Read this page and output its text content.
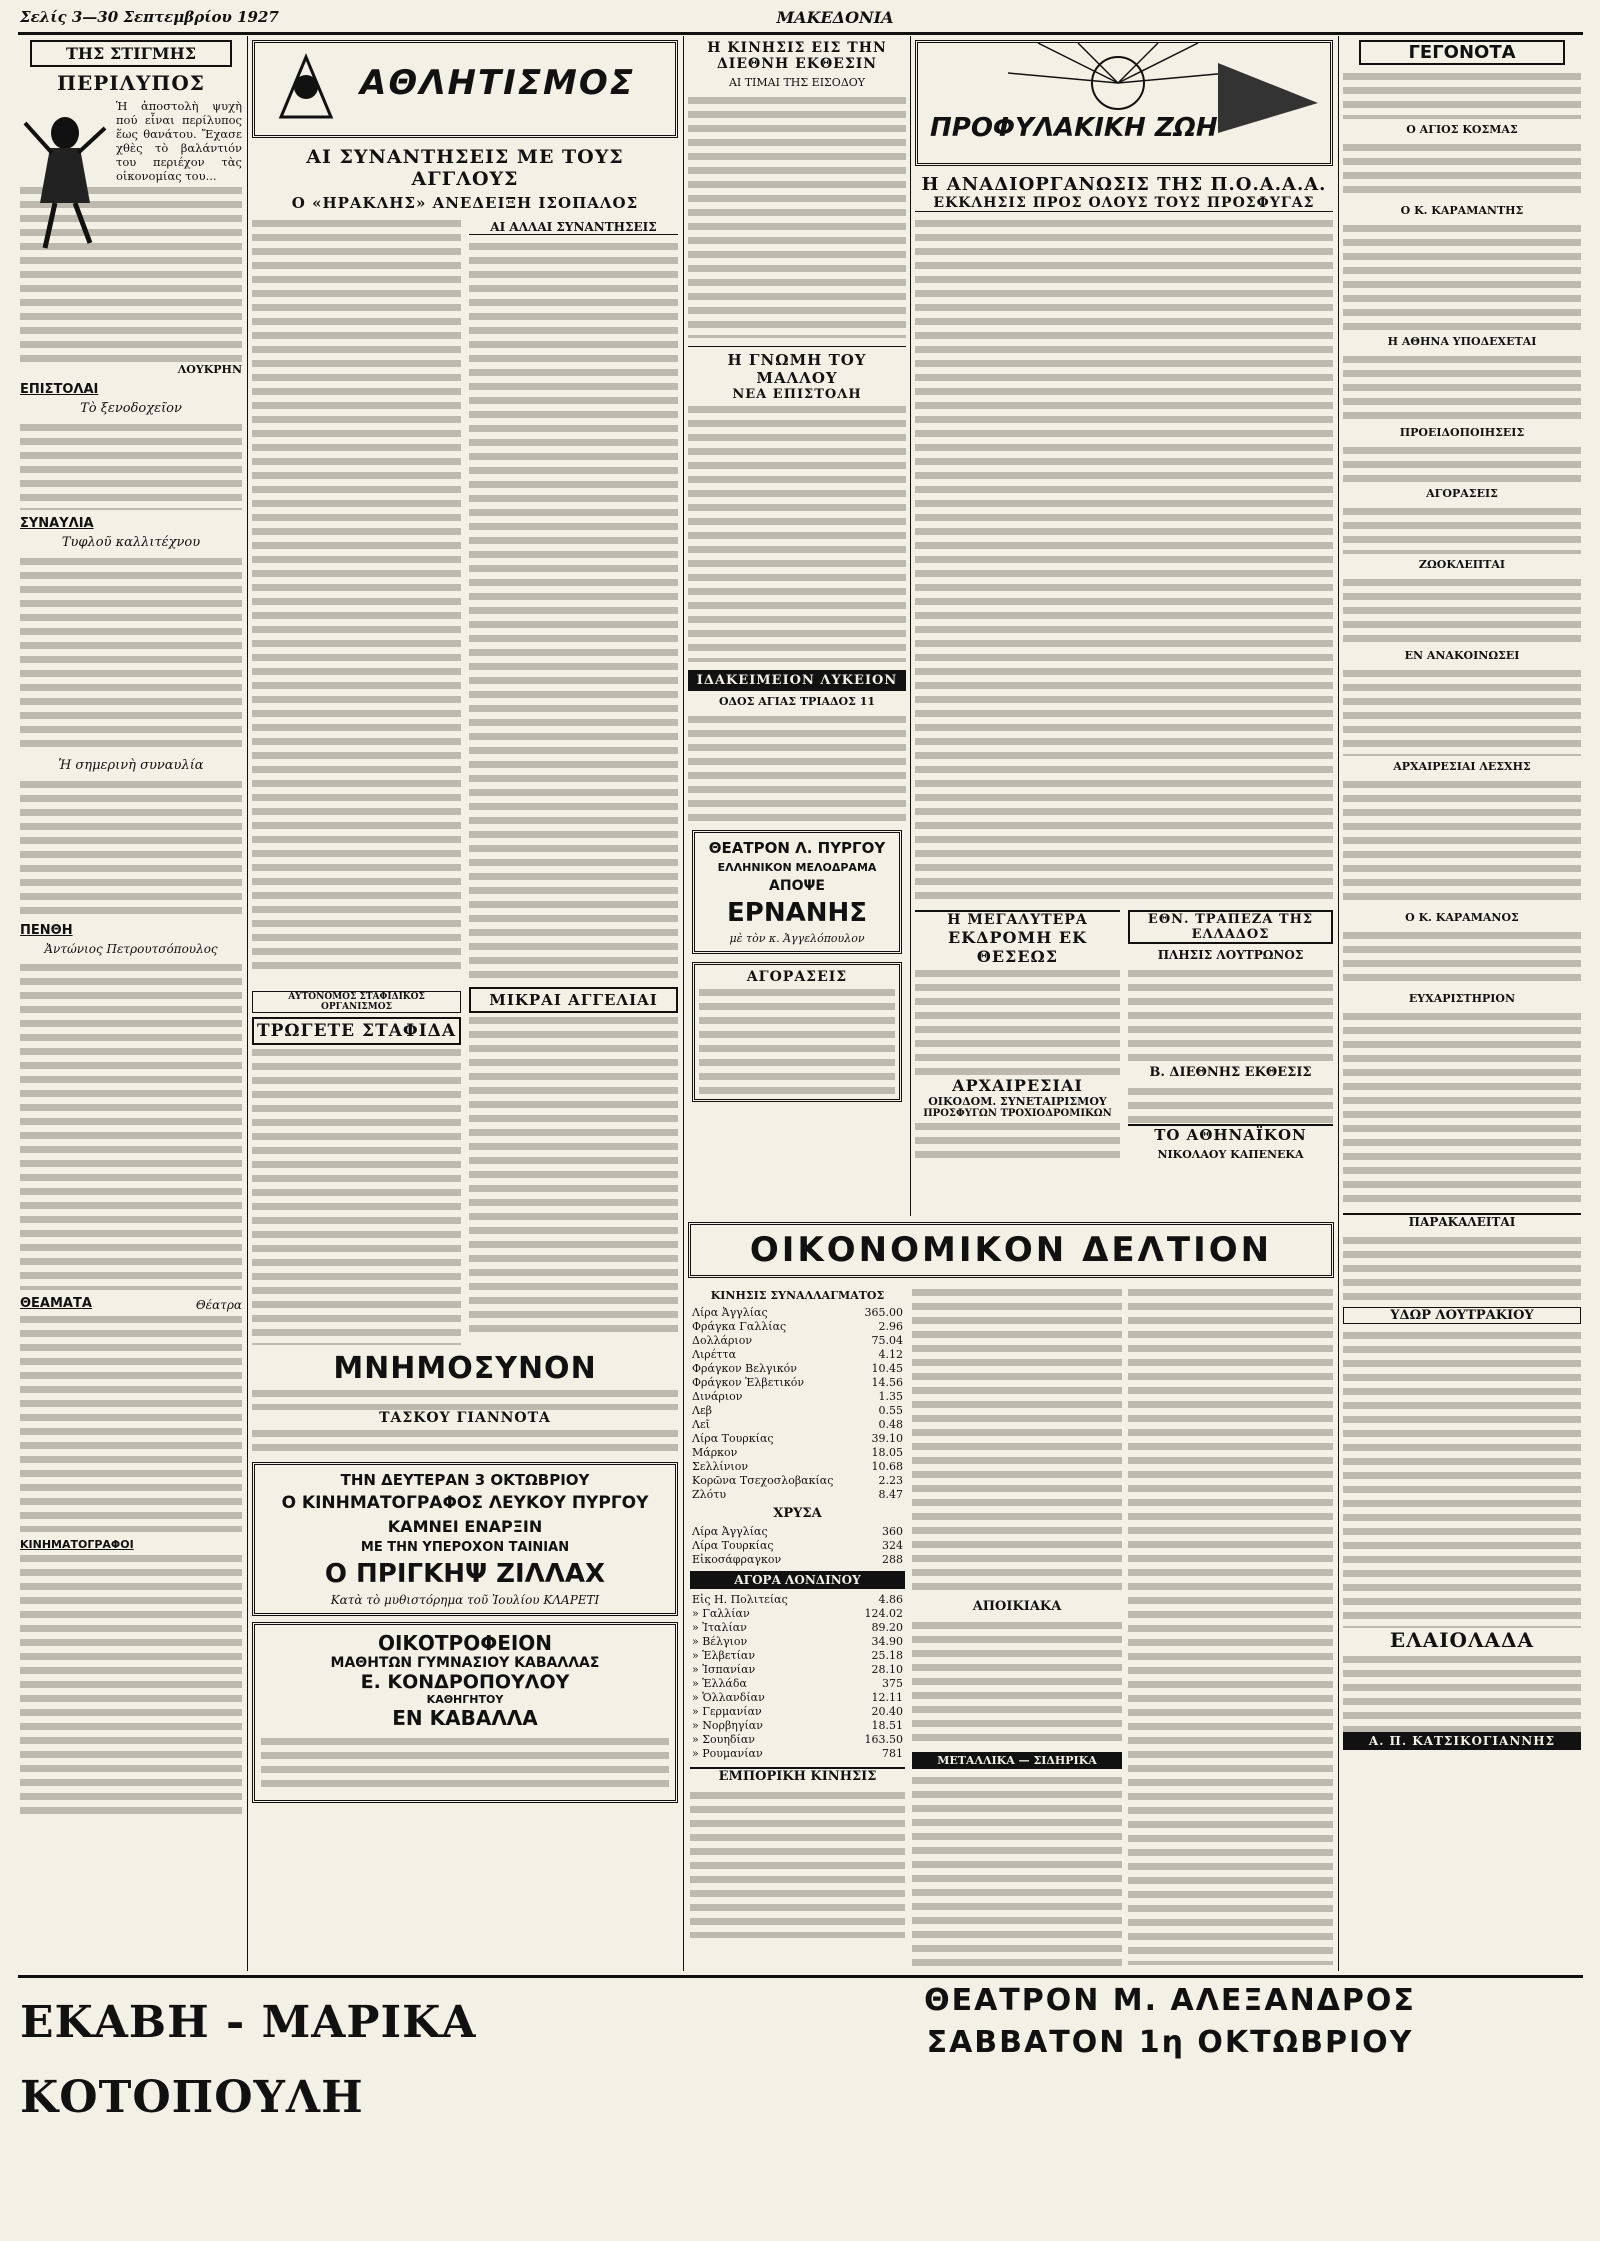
Σελίς 3—30 Σεπτεμβρίου 1927	ΜΑΚΕΔΟΝΙΑ
ΤΗΣ ΣΤΙΓΜΗΣ
ΠΕΡΙΛΥΠΟΣ
Ἡ ἀποστολὴ ψυχὴ πού εἶναι περίλυπος ἕως θανάτου. Ἔχασε χθὲς τὸ βαλάντιόν του περιέχον τὰς οἰκονομίας του...
ΛΟΥΚΡΗΝ
ΕΠΙΣΤΟΛΑΙ
Τὸ ξενοδοχεῖον
ΣΥΝΑΥΛΙΑ
Τυφλοῦ καλλιτέχνου
Ἡ σημερινὴ συναυλία
ΠΕΝΘΗ
Ἀντώνιος Πετρουτσόπουλος
ΘΕΑΜΑΤΑ	Θέατρα
ΚΙΝΗΜΑΤΟΓΡΑΦΟΙ
ΑΘΛΗΤΙΣΜΟΣ
ΑΙ ΣΥΝΑΝΤΗΣΕΙΣ ΜΕ ΤΟΥΣ ΑΓΓΛΟΥΣ
Ο «ΗΡΑΚΛΗΣ» ΑΝΕΔΕΙΞΗ ΙΣΟΠΑΛΟΣ
ΑΙ ΑΛΛΑΙ ΣΥΝΑΝΤΗΣΕΙΣ
ΑΥΤΟΝΟΜΟΣ ΣΤΑΦΙΔΙΚΟΣ ΟΡΓΑΝΙΣΜΟΣ
ΤΡΩΓΕΤΕ ΣΤΑΦΙΔΑ
ΜΙΚΡΑΙ ΑΓΓΕΛΙΑΙ
ΜΝΗΜΟΣΥΝΟΝ
ΤΑΣΚΟΥ ΓΙΑΝΝΟΤΑ
ΤΗΝ ΔΕΥΤΕΡΑΝ 3 ΟΚΤΩΒΡΙΟΥ
Ο ΚΙΝΗΜΑΤΟΓΡΑΦΟΣ ΛΕΥΚΟΥ ΠΥΡΓΟΥ
ΚΑΜΝΕΙ ΕΝΑΡΞΙΝ
ΜΕ ΤΗΝ ΥΠΕΡΟΧΟΝ ΤΑΙΝΙΑΝ
Ο ΠΡΙΓΚΗΨ ΖΙΛΛΑΧ
Κατὰ τὸ μυθιστόρημα τοῦ Ἰουλίου ΚΛΑΡΕΤΙ
ΟΙΚΟΤΡΟΦΕΙΟΝ
ΜΑΘΗΤΩΝ ΓΥΜΝΑΣΙΟΥ ΚΑΒΑΛΛΑΣ
Ε. ΚΟΝΔΡΟΠΟΥΛΟΥ
ΚΑΘΗΓΗΤΟΥ
ΕΝ ΚΑΒΑΛΛΑ
Η ΚΙΝΗΣΙΣ ΕΙΣ ΤΗΝ ΔΙΕΘΝΗ ΕΚΘΕΣΙΝ
ΑΙ ΤΙΜΑΙ ΤΗΣ ΕΙΣΟΔΟΥ
Η ΓΝΩΜΗ ΤΟΥ ΜΑΛΛΟΥ
ΝΕΑ ΕΠΙΣΤΟΛΗ
ΙΔΑΚΕΙΜΕΙΟΝ ΛΥΚΕΙΟΝ
ΟΔΟΣ ΑΓΙΑΣ ΤΡΙΑΔΟΣ 11
ΘΕΑΤΡΟΝ Λ. ΠΥΡΓΟΥ
ΕΛΛΗΝΙΚΟΝ ΜΕΛΟΔΡΑΜΑ
ΑΠΟΨΕ
ΕΡΝΑΝΗΣ
μὲ τὸν κ. Ἀγγελόπουλον
ΑΓΟΡΑΣΕΙΣ
ΠΡΟΦΥΛΑΚΙΚΗ ΖΩΗ
Η ΑΝΑΔΙΟΡΓΑΝΩΣΙΣ ΤΗΣ Π.Ο.Α.Α.Α.
ΕΚΚΛΗΣΙΣ ΠΡΟΣ ΟΛΟΥΣ ΤΟΥΣ ΠΡΟΣΦΥΓΑΣ
Η ΜΕΓΑΛΥΤΕΡΑ
ΕΚΔΡΟΜΗ ΕΚ ΘΕΣΕΩΣ
ΑΡΧΑΙΡΕΣΙΑΙ
ΟΙΚΟΔΟΜ. ΣΥΝΕΤΑΙΡΙΣΜΟΥ
ΠΡΟΣΦΥΓΩΝ ΤΡΟΧΙΟΔΡΟΜΙΚΩΝ
ΕΘΝ. ΤΡΑΠΕΖΑ ΤΗΣ ΕΛΛΑΔΟΣ
ΠΛΗΣΙΣ ΛΟΥΤΡΩΝΟΣ
Β. ΔΙΕΘΝΗΣ ΕΚΘΕΣΙΣ
ΤΟ ΑΘΗΝΑΪΚΟΝ
ΝΙΚΟΛΑΟΥ ΚΑΠΕΝΕΚΑ
ΓΕΓΟΝΟΤΑ
Ο ΑΓΙΟΣ ΚΟΣΜΑΣ
Ο Κ. ΚΑΡΑΜΑΝΤΗΣ
Η ΑΘΗΝΑ ΥΠΟΔΕΧΕΤΑΙ
ΠΡΟΕΙΔΟΠΟΙΗΣΕΙΣ
ΑΓΟΡΑΣΕΙΣ
ΖΩΟΚΛΕΠΤΑΙ
ΕΝ ΑΝΑΚΟΙΝΩΣΕΙ
ΑΡΧΑΙΡΕΣΙΑΙ ΛΕΣΧΗΣ
Ο Κ. ΚΑΡΑΜΑΝΟΣ
ΕΥΧΑΡΙΣΤΗΡΙΟΝ
ΠΑΡΑΚΑΛΕΙΤΑΙ
ΥΔΩΡ ΛΟΥΤΡΑΚΙΟΥ
ΕΛΑΙΟΛΑΔΑ
Α. Π. ΚΑΤΣΙΚΟΓΙΑΝΝΗΣ
ΟΙΚΟΝΟΜΙΚΟΝ ΔΕΛΤΙΟΝ
ΚΙΝΗΣΙΣ ΣΥΝΑΛΛΑΓΜΑΤΟΣ
Λίρα Ἀγγλίας	365.00
Φράγκα Γαλλίας	2.96
Δολλάριον	75.04
Λιρέττα	4.12
Φράγκον Βελγικόν	10.45
Φράγκον Ἑλβετικόν	14.56
Δινάριον	1.35
Λεβ	0.55
Λεῖ	0.48
Λίρα Τουρκίας	39.10
Μάρκον	18.05
Σελλίνιον	10.68
Κορῶνα Τσεχοσλοβακίας	2.23
Ζλότυ	8.47
ΧΡΥΣΑ
Λίρα Ἀγγλίας	360
Λίρα Τουρκίας	324
Εἰκοσάφραγκον	288
ΑΓΟΡΑ ΛΟΝΔΙΝΟΥ
Εἰς Η. Πολιτείας	4.86
» Γαλλίαν	124.02
» Ἰταλίαν	89.20
» Βέλγιον	34.90
» Ἑλβετίαν	25.18
» Ἰσπανίαν	28.10
» Ἑλλάδα	375
» Ὁλλανδίαν	12.11
» Γερμανίαν	20.40
» Νορβηγίαν	18.51
» Σουηδίαν	163.50
» Ρουμανίαν	781
ΕΜΠΟΡΙΚΗ ΚΙΝΗΣΙΣ
ΑΠΟΙΚΙΑΚΑ
ΜΕΤΑΛΛΙΚΑ — ΣΙΔΗΡΙΚΑ
ΕΚΑΒΗ - ΜΑΡΙΚΑ ΚΟΤΟΠΟΥΛΗ
ΘΕΑΤΡΟΝ Μ. ΑΛΕΞΑΝΔΡΟΣ
ΣΑΒΒΑΤΟΝ 1η ΟΚΤΩΒΡΙΟΥ
